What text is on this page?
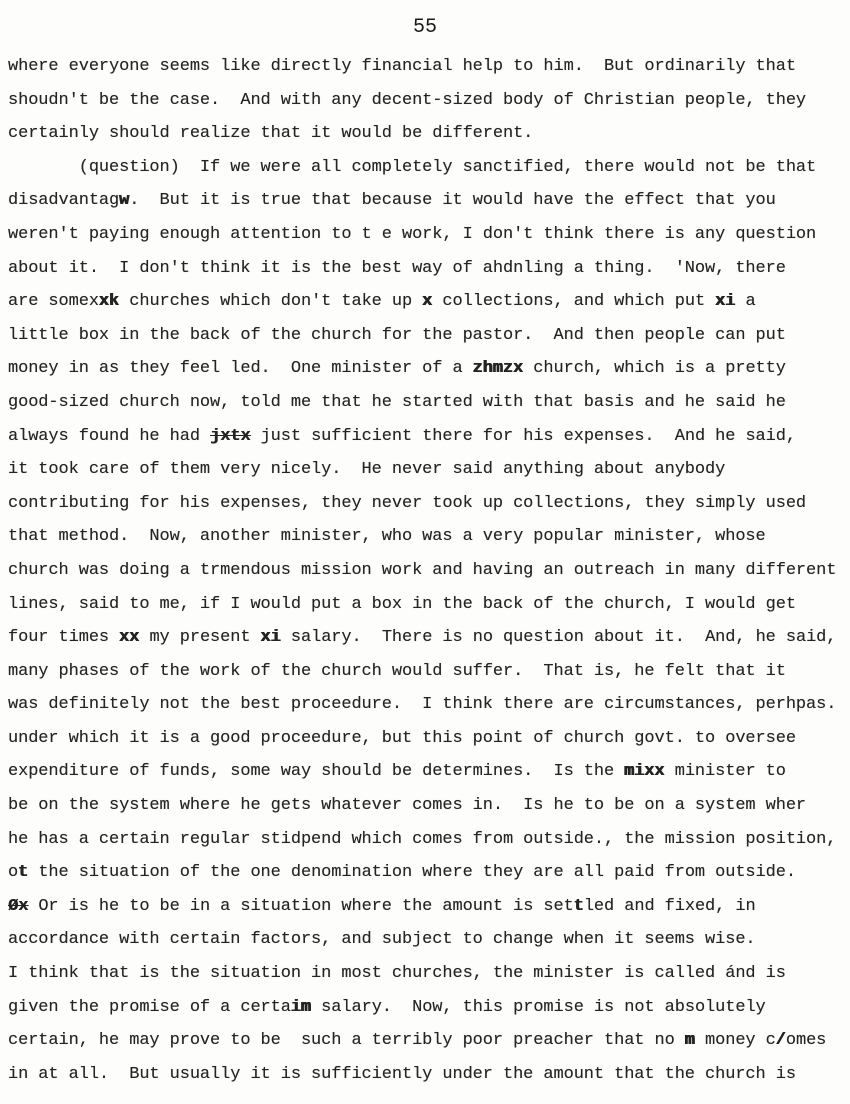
55
where everyone seems like directly financial help to him.  But ordinarily that
shoudn't be the case.  And with any decent-sized body of Christian people, they
certainly should realize that it would be different.
(question)  If we were all completely sanctified, there would not be that
disadvantagw.  But it is true that because it would have the effect that you
weren't paying enough attention to t e work, I don't think there is any question
about it.  I don't think it is the best way of ahdnling a thing.  'Now, there
are somexxk churches which don't take up x collections, and which put xi a
little box in the back of the church for the pastor.  And then people can put
money in as they feel led.  One minister of a zhmzx church, which is a pretty
good-sized church now, told me that he started with that basis and he said he
always found he had jxtx just sufficient there for his expenses.  And he said,
it took care of them very nicely.  He never said anything about anybody
contributing for his expenses, they never took up collections, they simply used
that method.  Now, another minister, who was a very popular minister, whose
church was doing a trmendous mission work and having an outreach in many different
lines, said to me, if I would put a box in the back of the church, I would get
four times xx my present xi salary.  There is no question about it.  And, he said,
many phases of the work of the church would suffer.  That is, he felt that it
was definitely not the best proceedure.  I think there are circumstances, perhpas.
under which it is a good proceedure, but this point of church govt. to oversee
expenditure of funds, some way should be determines.  Is the mixx minister to
be on the system where he gets whatever comes in.  Is he to be on a system wher
he has a certain regular stidpend which comes from outside., the mission position,
ot the situation of the one denomination where they are all paid from outside.
Øx Or is he to be in a situation where the amount is settled and fixed, in
accordance with certain factors, and subject to change when it seems wise.
I think that is the situation in most churches, the minister is called ánd is
given the promise of a certaim salary.  Now, this promise is not absolutely
certain, he may prove to be  such a terribly poor preacher that no m money c/omes
in at all.  But usually it is sufficiently under the amount that the church is
